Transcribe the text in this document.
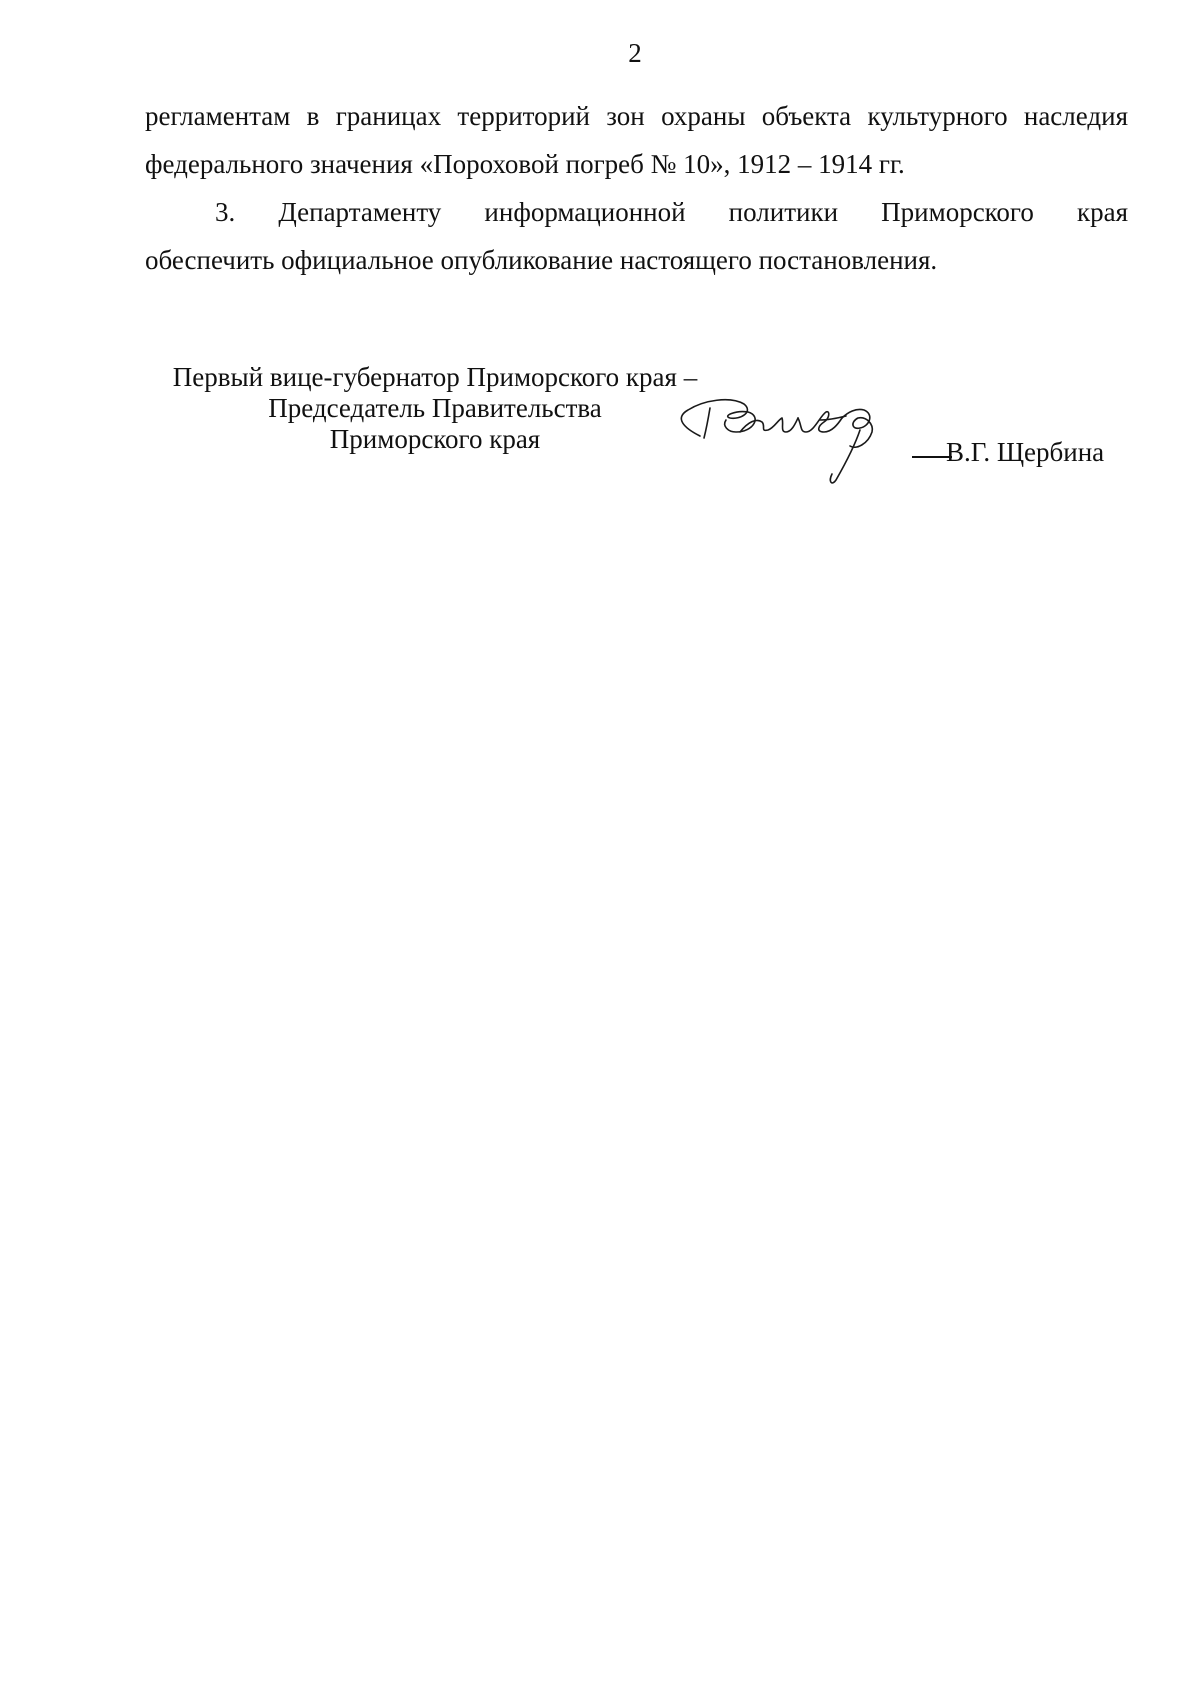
2

регламентам в границах территорий зон охраны объекта культурного наследия
федерального значения «Пороховой погреб № 10», 1912 – 1914 гг.

3. Департаменту информационной политики Приморского края
обеспечить официальное опубликование настоящего постановления.

Первый вице-губернатор Приморского края –
Председатель Правительства
Приморского края	В.Г. Щербина
